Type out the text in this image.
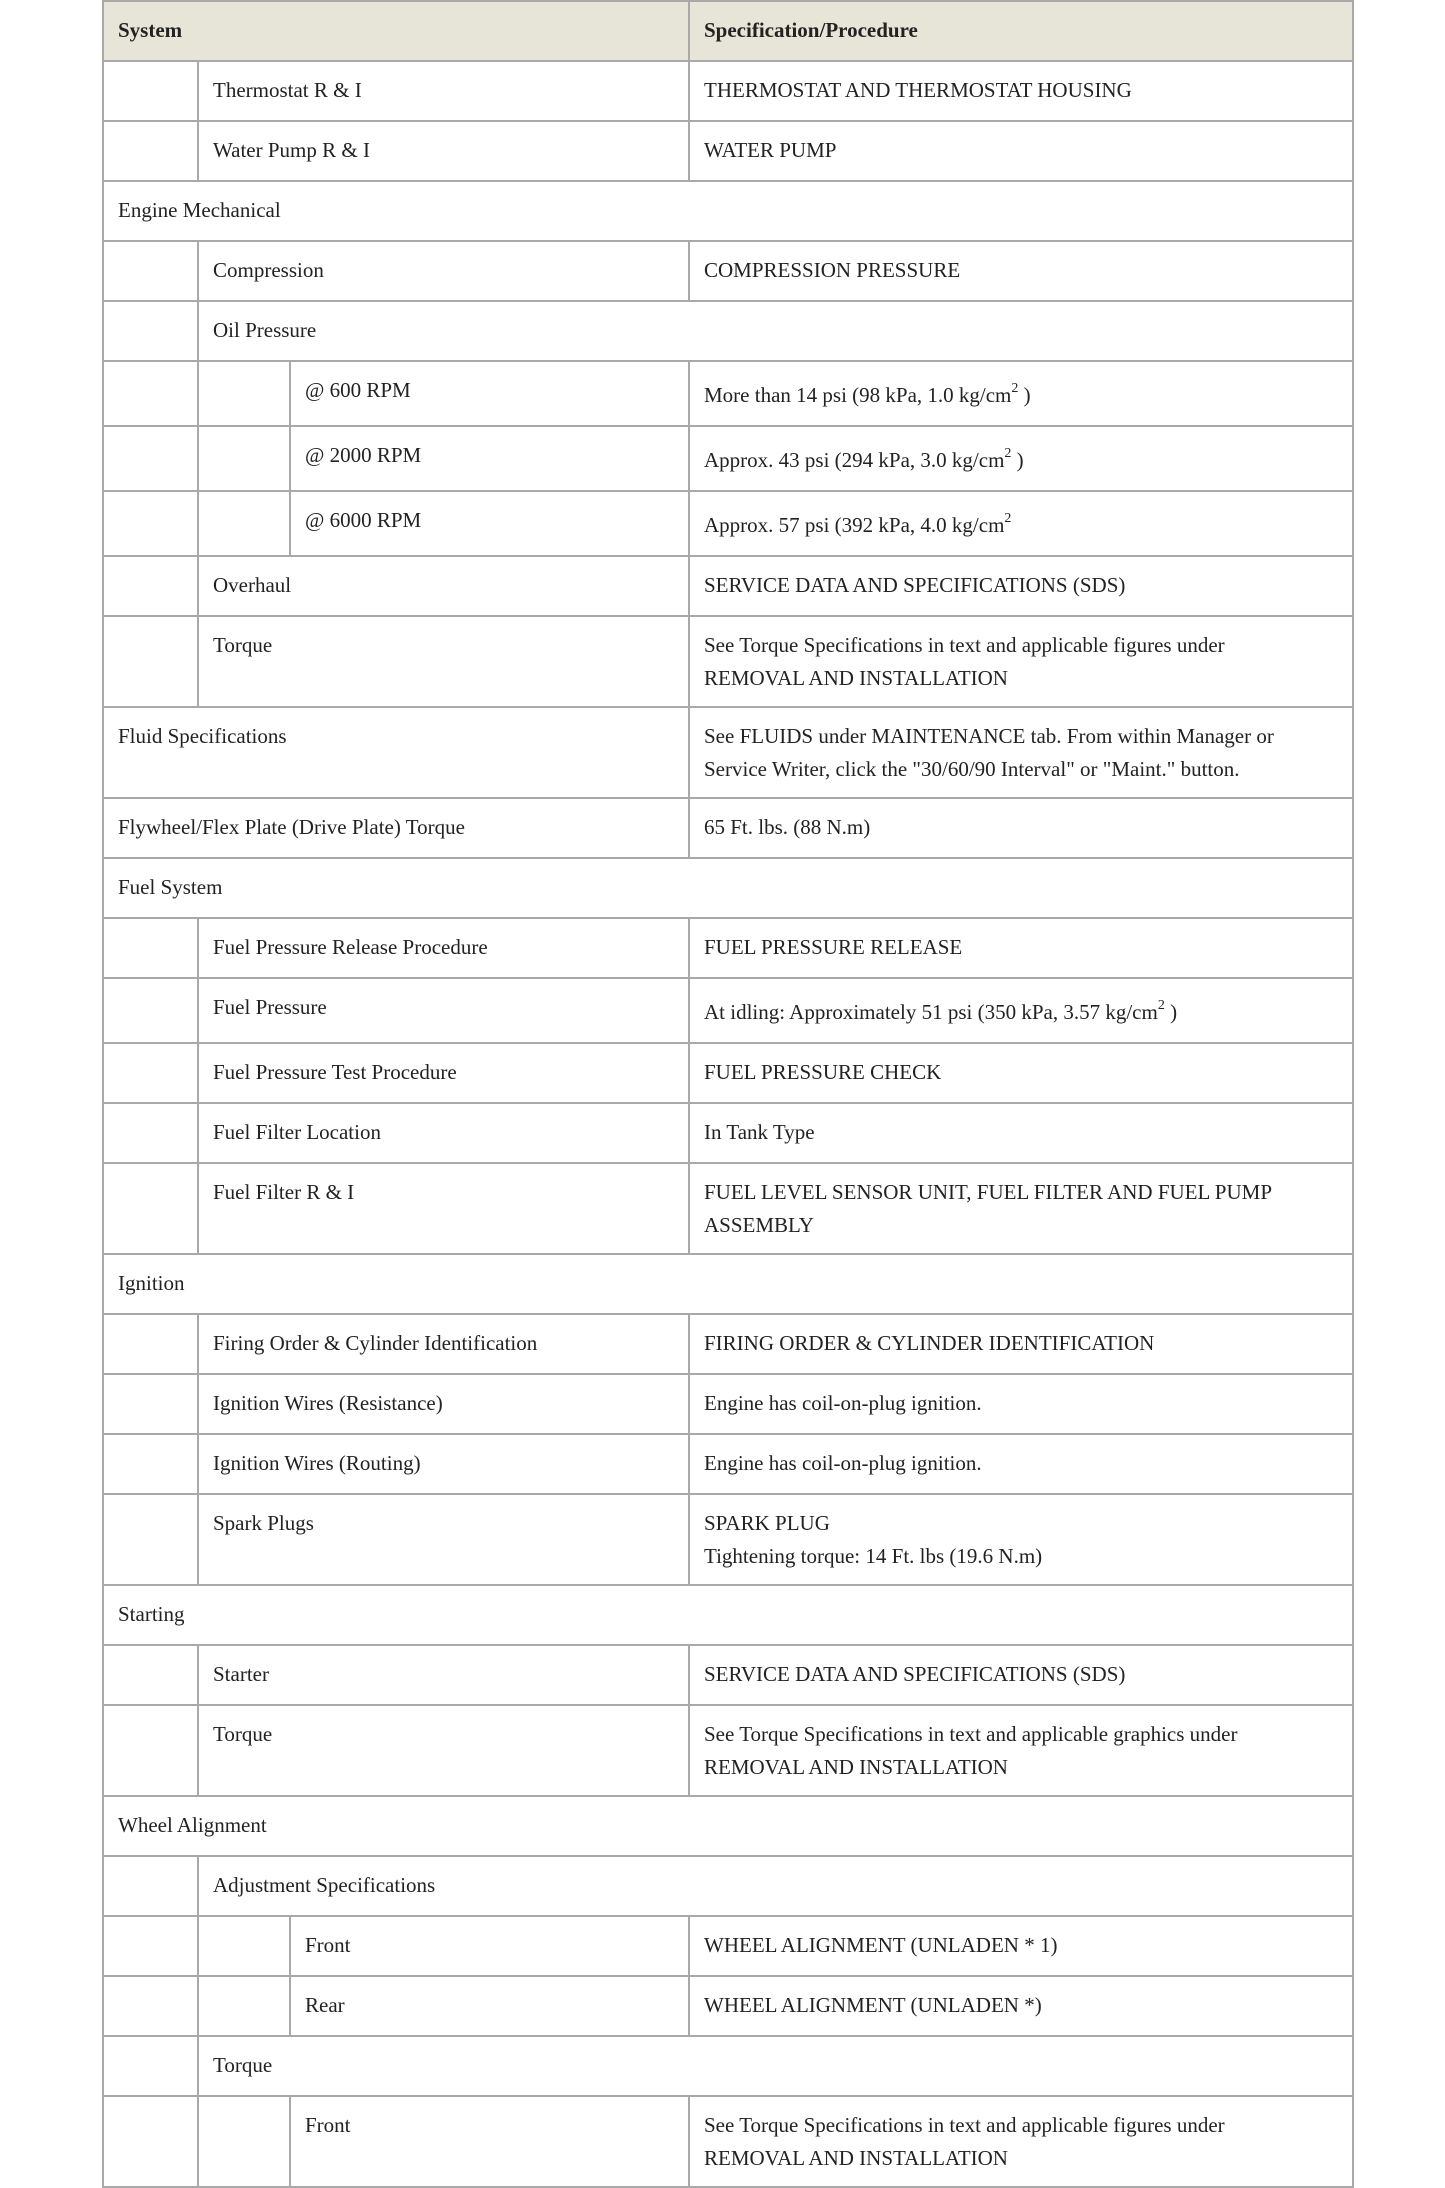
System			Specification/Procedure
	Thermostat R & I		THERMOSTAT AND THERMOSTAT HOUSING
	Water Pump R & I		WATER PUMP
Engine Mechanical			
	Compression		COMPRESSION PRESSURE
	Oil Pressure		
		@ 600 RPM	More than 14 psi (98 kPa, 1.0 $kg/cm^2$ )
		@ 2000 RPM	Approx. 43 psi (294 kPa, 3.0 $kg/cm^2$ )
		@ 6000 RPM	Approx. 57 psi (392 kPa, 4.0 $kg/cm^2$
	Overhaul		SERVICE DATA AND SPECIFICATIONS (SDS)
	Torque		See Torque Specifications in text and applicable figures under
REMOVAL AND INSTALLATION

Fluid Specifications			See FLUIDS under MAINTENANCE tab. From within Manager or
Service Writer, click the "30/60/90 Interval" or "Maint." button.

Flywheel/Flex Plate (Drive Plate) Torque			65 Ft. lbs. (88 N.m)
Fuel System			
	Fuel Pressure Release Procedure		FUEL PRESSURE RELEASE
	Fuel Pressure		At idling: Approximately 51 psi (350 kPa, 3.57 $kg/cm^2$ )
	Fuel Pressure Test Procedure		FUEL PRESSURE CHECK
	Fuel Filter Location		In Tank Type
	Fuel Filter R & I		FUEL LEVEL SENSOR UNIT, FUEL FILTER AND FUEL PUMP
ASSEMBLY

Ignition			
	Firing Order & Cylinder Identification		FIRING ORDER & CYLINDER IDENTIFICATION
	Ignition Wires (Resistance)		Engine has coil-on-plug ignition.
	Ignition Wires (Routing)		Engine has coil-on-plug ignition.
	Spark Plugs		SPARK PLUG
Tightening torque: 14 Ft. lbs (19.6 N.m)

Starting			
	Starter		SERVICE DATA AND SPECIFICATIONS (SDS)
	Torque		See Torque Specifications in text and applicable graphics under
REMOVAL AND INSTALLATION

Wheel Alignment			
	Adjustment Specifications		
		Front	WHEEL ALIGNMENT (UNLADEN * 1)
		Rear	WHEEL ALIGNMENT (UNLADEN *)
	Torque		
		Front	See Torque Specifications in text and applicable figures under
REMOVAL AND INSTALLATION
